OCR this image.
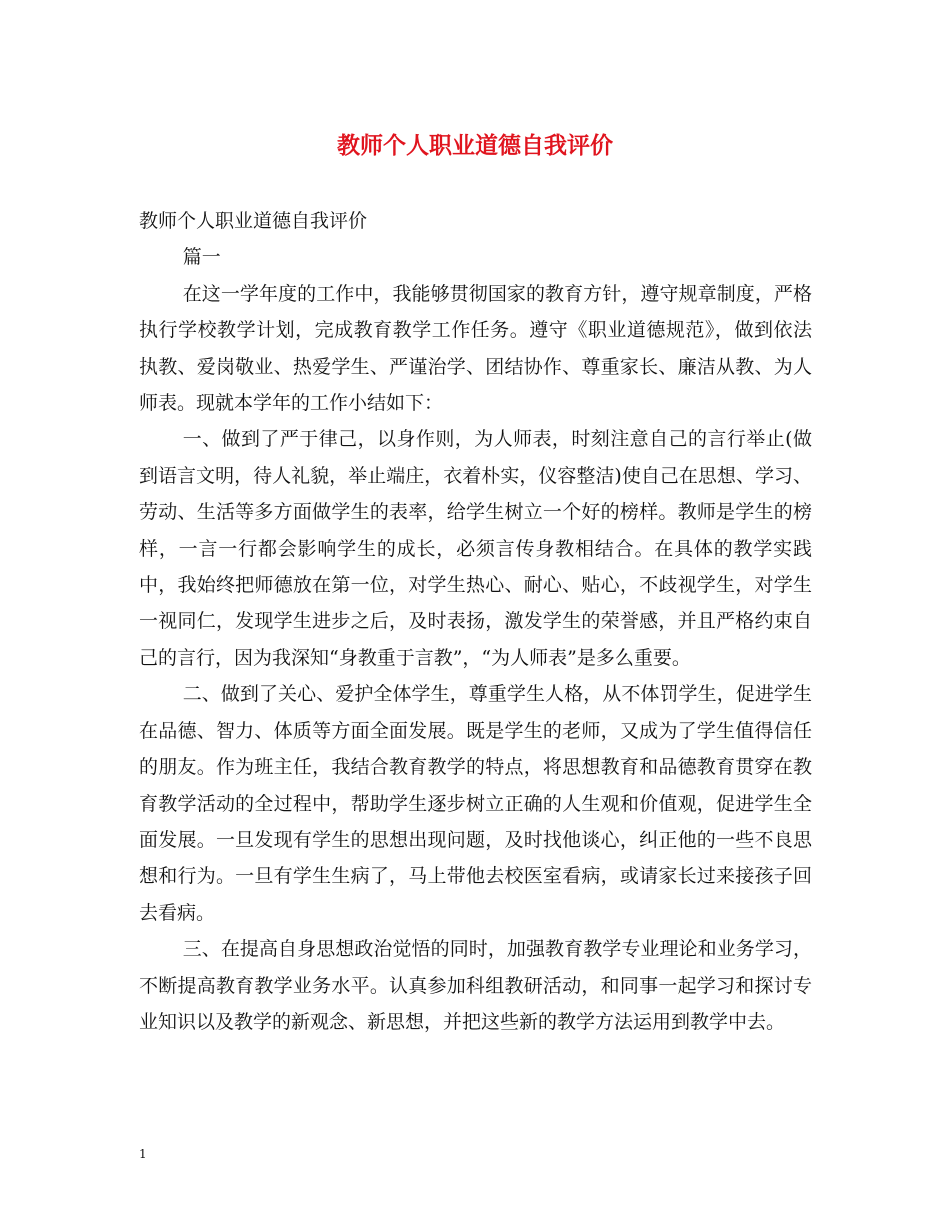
教师个人职业道德自我评价

教师个人职业道德自我评价

篇一

在这一学年度的工作中，我能够贯彻国家的教育方针，遵守规章制度，严格执行学校教学计划，完成教育教学工作任务。遵守《职业道德规范》，做到依法执教、爱岗敬业、热爱学生、严谨治学、团结协作、尊重家长、廉洁从教、为人师表。现就本学年的工作小结如下：

一、做到了严于律己，以身作则，为人师表，时刻注意自己的言行举止(做到语言文明，待人礼貌，举止端庄，衣着朴实，仪容整洁)使自己在思想、学习、劳动、生活等多方面做学生的表率，给学生树立一个好的榜样。教师是学生的榜样，一言一行都会影响学生的成长，必须言传身教相结合。在具体的教学实践中，我始终把师德放在第一位，对学生热心、耐心、贴心，不歧视学生，对学生一视同仁，发现学生进步之后，及时表扬，激发学生的荣誉感，并且严格约束自己的言行，因为我深知“身教重于言教”，“为人师表”是多么重要。

二、做到了关心、爱护全体学生，尊重学生人格，从不体罚学生，促进学生在品德、智力、体质等方面全面发展。既是学生的老师，又成为了学生值得信任的朋友。作为班主任，我结合教育教学的特点，将思想教育和品德教育贯穿在教育教学活动的全过程中，帮助学生逐步树立正确的人生观和价值观，促进学生全面发展。一旦发现有学生的思想出现问题，及时找他谈心，纠正他的一些不良思想和行为。一旦有学生生病了，马上带他去校医室看病，或请家长过来接孩子回去看病。

三、在提高自身思想政治觉悟的同时，加强教育教学专业理论和业务学习，不断提高教育教学业务水平。认真参加科组教研活动，和同事一起学习和探讨专业知识以及教学的新观念、新思想，并把这些新的教学方法运用到教学中去。

1
